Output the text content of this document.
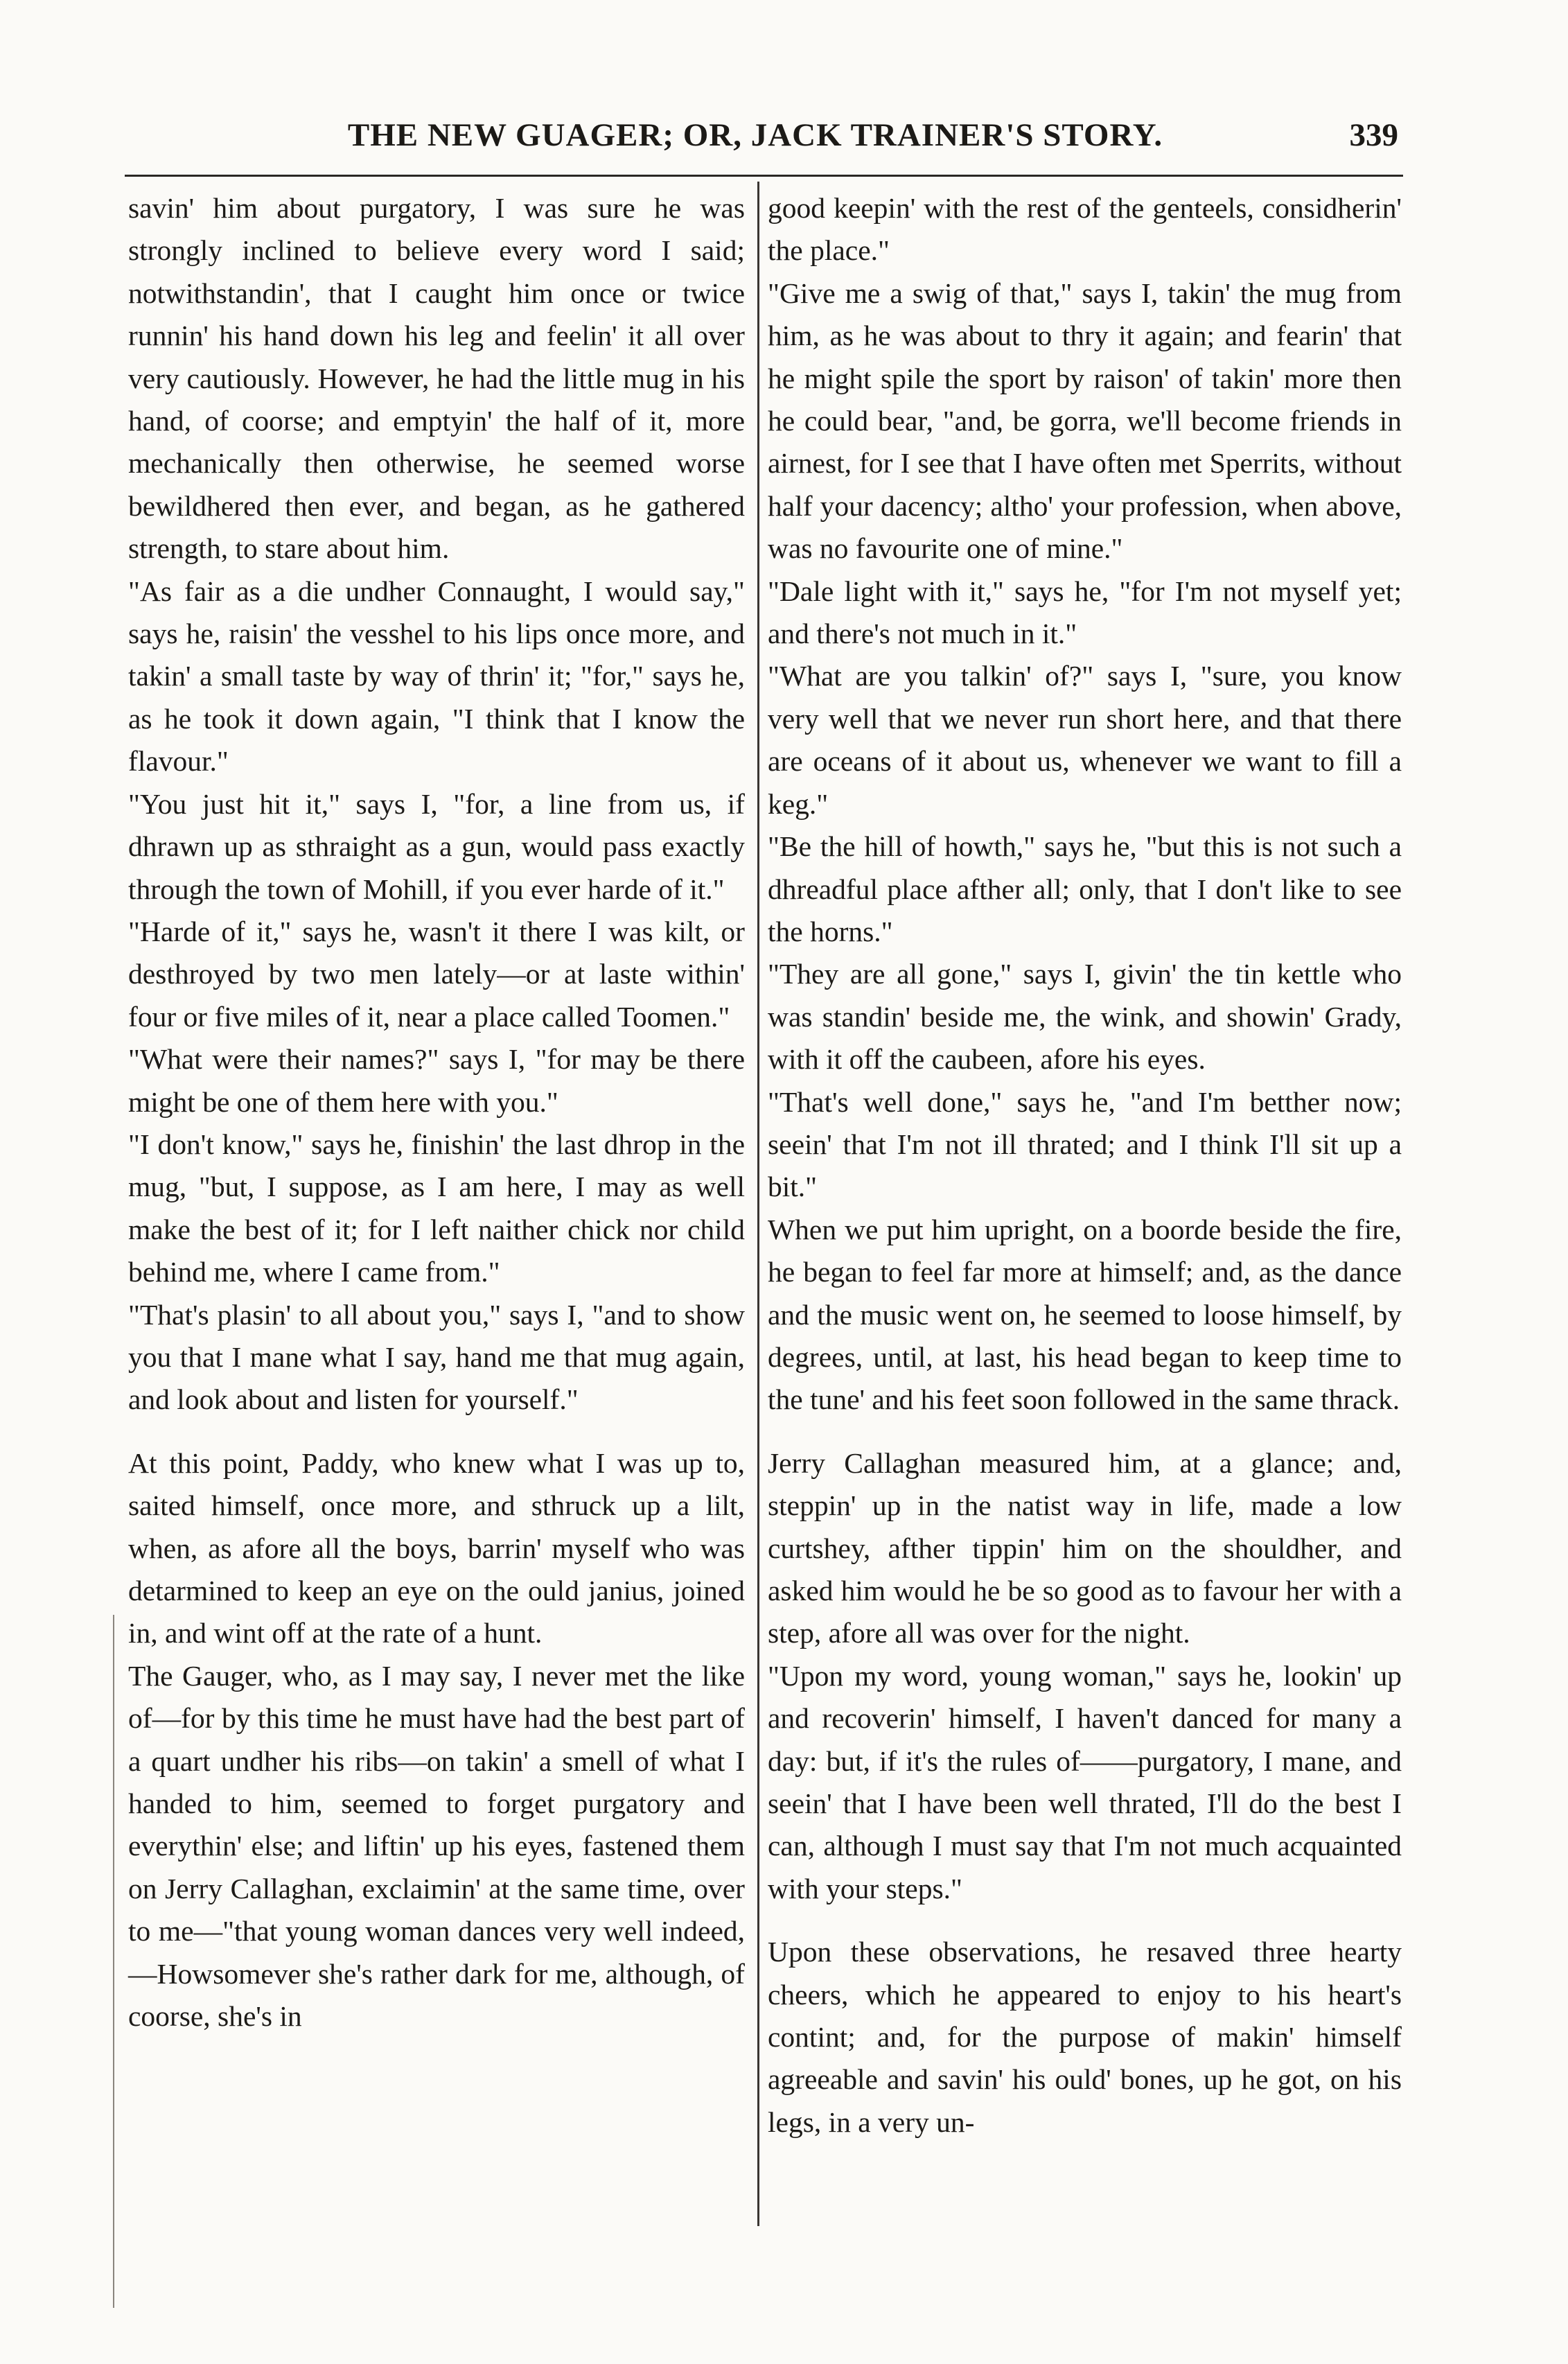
THE NEW GUAGER; OR, JACK TRAINER'S STORY.	339

savin' him about purgatory, I was sure he was strongly inclined to believe every word I said; notwithstandin', that I caught him once or twice runnin' his hand down his leg and feelin' it all over very cautiously. However, he had the little mug in his hand, of coorse; and emptyin' the half of it, more mechanically then otherwise, he seemed worse bewildhered then ever, and began, as he gathered strength, to stare about him.

"As fair as a die undher Connaught, I would say," says he, raisin' the vesshel to his lips once more, and takin' a small taste by way of thrin' it; "for," says he, as he took it down again, "I think that I know the flavour."

"You just hit it," says I, "for, a line from us, if dhrawn up as sthraight as a gun, would pass exactly through the town of Mohill, if you ever harde of it."

"Harde of it," says he, wasn't it there I was kilt, or desthroyed by two men lately—or at laste within' four or five miles of it, near a place called Toomen."

"What were their names?" says I, "for may be there might be one of them here with you."

"I don't know," says he, finishin' the last dhrop in the mug, "but, I suppose, as I am here, I may as well make the best of it; for I left naither chick nor child behind me, where I came from."

"That's plasin' to all about you," says I, "and to show you that I mane what I say, hand me that mug again, and look about and listen for yourself."

At this point, Paddy, who knew what I was up to, saited himself, once more, and sthruck up a lilt, when, as afore all the boys, barrin' myself who was detarmined to keep an eye on the ould janius, joined in, and wint off at the rate of a hunt.

The Gauger, who, as I may say, I never met the like of—for by this time he must have had the best part of a quart undher his ribs—on takin' a smell of what I handed to him, seemed to forget purgatory and everythin' else; and liftin' up his eyes, fastened them on Jerry Callaghan, exclaimin' at the same time, over to me—"that young woman dances very well indeed,—Howsomever she's rather dark for me, although, of coorse, she's in

good keepin' with the rest of the genteels, considherin' the place."

"Give me a swig of that," says I, takin' the mug from him, as he was about to thry it again; and fearin' that he might spile the sport by raison' of takin' more then he could bear, "and, be gorra, we'll become friends in airnest, for I see that I have often met Sperrits, without half your dacency; altho' your profession, when above, was no favourite one of mine."

"Dale light with it," says he, "for I'm not myself yet; and there's not much in it."

"What are you talkin' of?" says I, "sure, you know very well that we never run short here, and that there are oceans of it about us, whenever we want to fill a keg."

"Be the hill of howth," says he, "but this is not such a dhreadful place afther all; only, that I don't like to see the horns."

"They are all gone," says I, givin' the tin kettle who was standin' beside me, the wink, and showin' Grady, with it off the caubeen, afore his eyes.

"That's well done," says he, "and I'm betther now; seein' that I'm not ill thrated; and I think I'll sit up a bit."

When we put him upright, on a boorde beside the fire, he began to feel far more at himself; and, as the dance and the music went on, he seemed to loose himself, by degrees, until, at last, his head began to keep time to the tune' and his feet soon followed in the same thrack.

Jerry Callaghan measured him, at a glance; and, steppin' up in the natist way in life, made a low curtshey, afther tippin' him on the shouldher, and asked him would he be so good as to favour her with a step, afore all was over for the night.

"Upon my word, young woman," says he, lookin' up and recoverin' himself, I haven't danced for many a day: but, if it's the rules of——purgatory, I mane, and seein' that I have been well thrated, I'll do the best I can, although I must say that I'm not much acquainted with your steps."

Upon these observations, he resaved three hearty cheers, which he appeared to enjoy to his heart's contint; and, for the purpose of makin' himself agreeable and savin' his ould' bones, up he got, on his legs, in a very un-
